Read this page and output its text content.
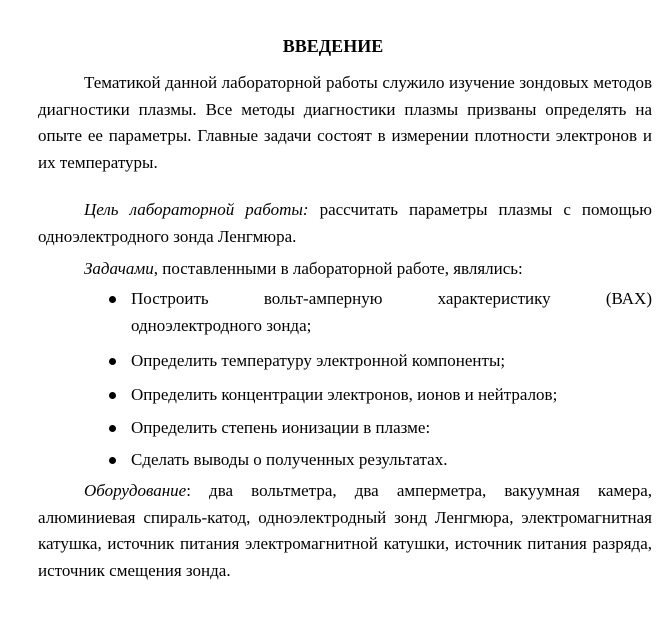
ВВЕДЕНИЕ
Тематикой данной лабораторной работы служило изучение зондовых методов диагностики плазмы. Все методы диагностики плазмы призваны определять на опыте ее параметры. Главные задачи состоят в измерении плотности электронов и их температуры.
Цель лабораторной работы: рассчитать параметры плазмы с помощью одноэлектродного зонда Ленгмюра.
Задачами, поставленными в лабораторной работе, являлись:
Построить	вольт-амперную	характеристику	(ВАХ)
одноэлектродного зонда;
Определить температуру электронной компоненты;
Определить концентрации электронов, ионов и нейтралов;
Определить степень ионизации в плазме:
Сделать выводы о полученных результатах.
Оборудование: два вольтметра, два амперметра, вакуумная камера, алюминиевая спираль-катод, одноэлектродный зонд Ленгмюра, электромагнитная катушка, источник питания электромагнитной катушки, источник питания разряда, источник смещения зонда.
